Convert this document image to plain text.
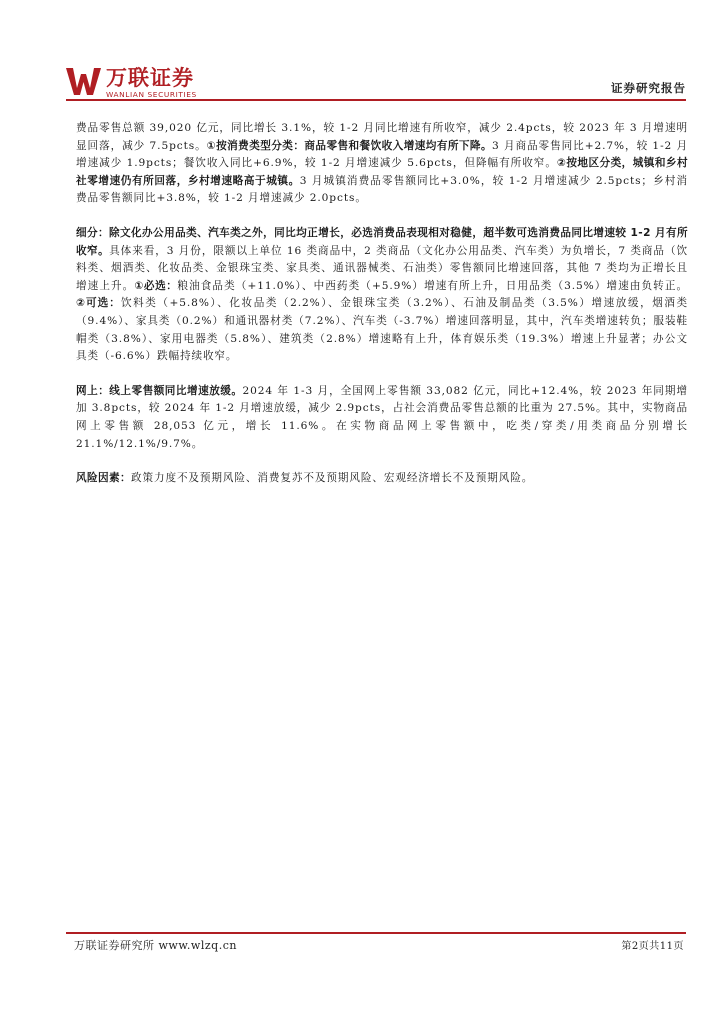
万联证券
WANLIAN SECURITIES	证券研究报告

费品零售总额 39,020 亿元，同比增长 3.1%，较 1-2 月同比增速有所收窄，减少 2.4pcts，较 2023 年 3 月增速明显回落，减少 7.5pcts。①按消费类型分类：商品零售和餐饮收入增速均有所下降。3 月商品零售同比+2.7%，较 1-2 月增速减少 1.9pcts；餐饮收入同比+6.9%，较 1-2 月增速减少 5.6pcts，但降幅有所收窄。②按地区分类，城镇和乡村社零增速仍有所回落，乡村增速略高于城镇。3 月城镇消费品零售额同比+3.0%，较 1-2 月增速减少 2.5pcts；乡村消费品零售额同比+3.8%，较 1-2 月增速减少 2.0pcts。

细分：除文化办公用品类、汽车类之外，同比均正增长，必选消费品表现相对稳健，超半数可选消费品同比增速较 1-2 月有所收窄。具体来看，3 月份，限额以上单位 16 类商品中，2 类商品（文化办公用品类、汽车类）为负增长，7 类商品（饮料类、烟酒类、化妆品类、金银珠宝类、家具类、通讯器械类、石油类）零售额同比增速回落，其他 7 类均为正增长且增速上升。①必选：粮油食品类（+11.0%）、中西药类（+5.9%）增速有所上升，日用品类（3.5%）增速由负转正。②可选：饮料类（+5.8%）、化妆品类（2.2%）、金银珠宝类（3.2%）、石油及制品类（3.5%）增速放缓，烟酒类（9.4%）、家具类（0.2%）和通讯器材类（7.2%）、汽车类（-3.7%）增速回落明显，其中，汽车类增速转负；服装鞋帽类（3.8%）、家用电器类（5.8%）、建筑类（2.8%）增速略有上升，体育娱乐类（19.3%）增速上升显著；办公文具类（-6.6%）跌幅持续收窄。

网上：线上零售额同比增速放缓。2024 年 1-3 月，全国网上零售额 33,082 亿元，同比+12.4%，较 2023 年同期增加 3.8pcts，较 2024 年 1-2 月增速放缓，减少 2.9pcts，占社会消费品零售总额的比重为 27.5%。其中，实物商品网上零售额 28,053 亿元，增长 11.6%。在实物商品网上零售额中，吃类/穿类/用类商品分别增长 21.1%/12.1%/9.7%。

风险因素：政策力度不及预期风险、消费复苏不及预期风险、宏观经济增长不及预期风险。

万联证券研究所 www.wlzq.cn	第2页共11页
